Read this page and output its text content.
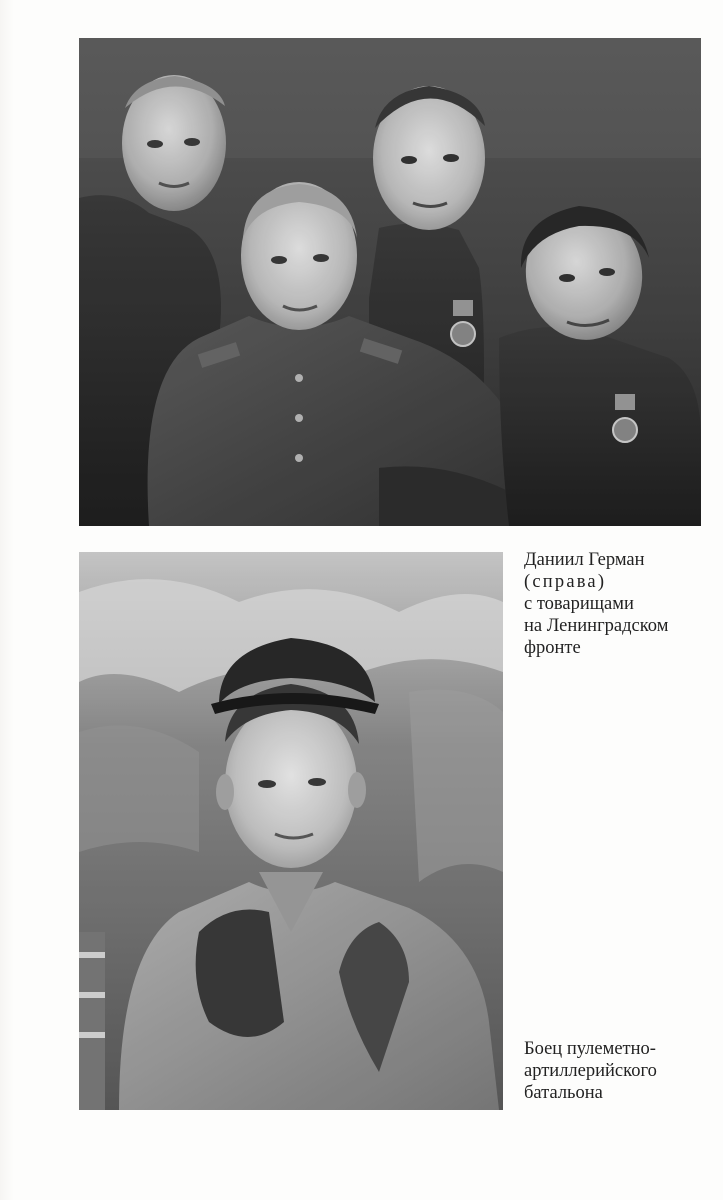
Даниил Герман
(справа)
с товарищами
на Ленинградском
фронте
Боец пулеметно-
артиллерийского
батальона
